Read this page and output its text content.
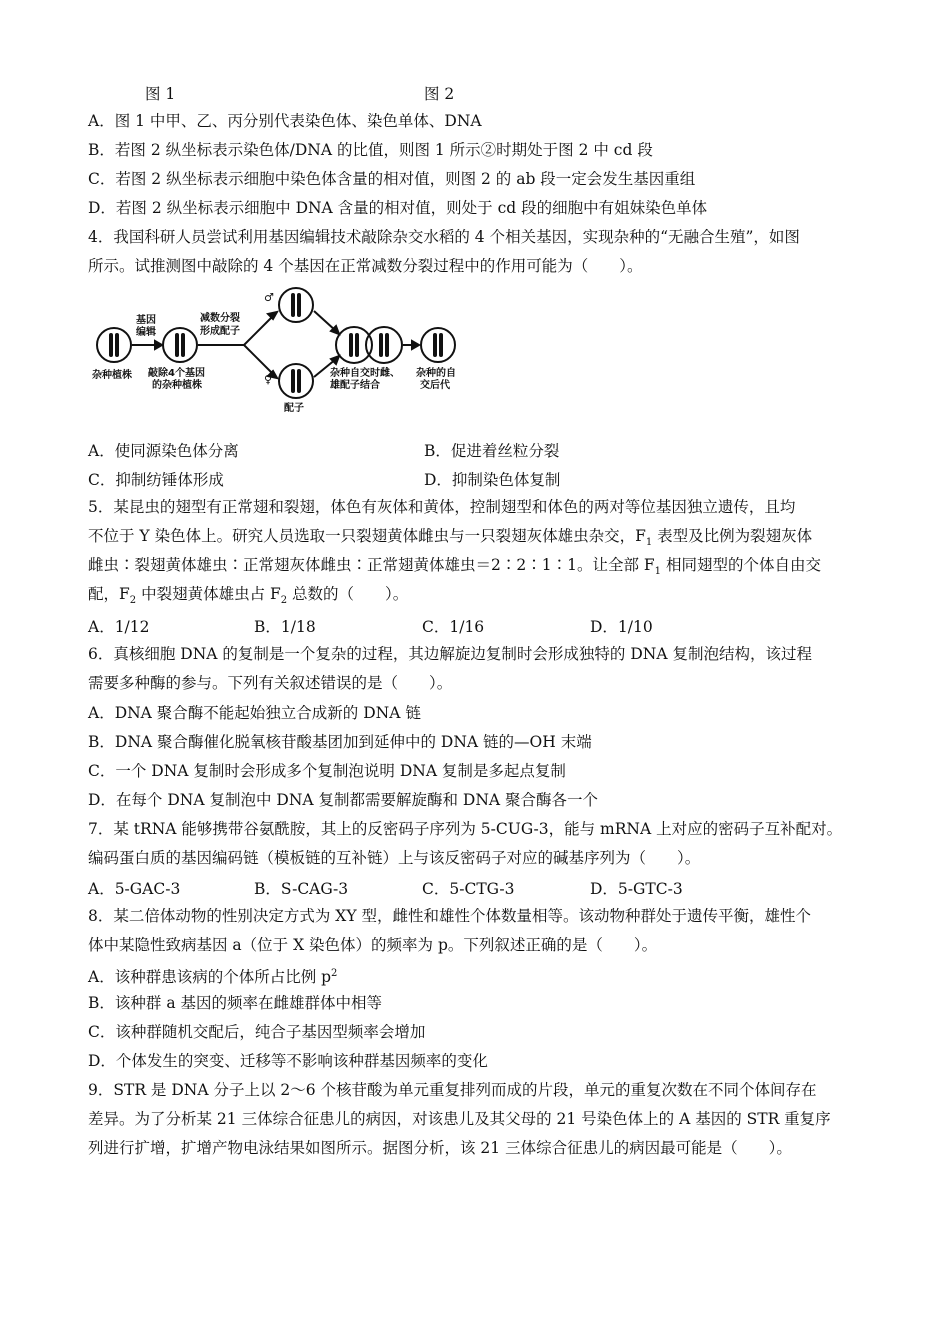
图 1	图 2
A．图 1 中甲、乙、丙分别代表染色体、染色单体、DNA
B．若图 2 纵坐标表示染色体/DNA 的比值，则图 1 所示②时期处于图 2 中 cd 段
C．若图 2 纵坐标表示细胞中染色体含量的相对值，则图 2 的 ab 段一定会发生基因重组
D．若图 2 纵坐标表示细胞中 DNA 含量的相对值，则处于 cd 段的细胞中有姐妹染色单体
4．我国科研人员尝试利用基因编辑技术敲除杂交水稻的 4 个相关基因，实现杂种的“无融合生殖”，如图
所示。试推测图中敲除的 4 个基因在正常减数分裂过程中的作用可能为（　　）。
杂种植株
基因
编辑
敲除4个基因
的杂种植株
减数分裂
形成配子
♂
♀
配子
杂种自交时雌、
雄配子结合
杂种的自
交后代
A．使同源染色体分离	B．促进着丝粒分裂
C．抑制纺锤体形成	D．抑制染色体复制
5．某昆虫的翅型有正常翅和裂翅，体色有灰体和黄体，控制翅型和体色的两对等位基因独立遗传，且均
不位于 Y 染色体上。研究人员选取一只裂翅黄体雌虫与一只裂翅灰体雄虫杂交，$F_1$ 表型及比例为裂翅灰体
雌虫∶裂翅黄体雄虫∶正常翅灰体雌虫∶正常翅黄体雄虫＝2∶2∶1∶1。让全部 $F_1$ 相同翅型的个体自由交
配，$F_2$ 中裂翅黄体雄虫占 $F_2$ 总数的（　　）。
A．1/12	B．1/18	C．1/16	D．1/10
6．真核细胞 DNA 的复制是一个复杂的过程，其边解旋边复制时会形成独特的 DNA 复制泡结构，该过程
需要多种酶的参与。下列有关叙述错误的是（　　）。
A．DNA 聚合酶不能起始独立合成新的 DNA 链
B．DNA 聚合酶催化脱氧核苷酸基团加到延伸中的 DNA 链的—OH 末端
C．一个 DNA 复制时会形成多个复制泡说明 DNA 复制是多起点复制
D．在每个 DNA 复制泡中 DNA 复制都需要解旋酶和 DNA 聚合酶各一个
7．某 tRNA 能够携带谷氨酰胺，其上的反密码子序列为 5-CUG-3，能与 mRNA 上对应的密码子互补配对。
编码蛋白质的基因编码链（模板链的互补链）上与该反密码子对应的碱基序列为（　　）。
A．5-GAC-3	B．S-CAG-3	C．5-CTG-3	D．5-GTC-3
8．某二倍体动物的性别决定方式为 XY 型，雌性和雄性个体数量相等。该动物种群处于遗传平衡，雄性个
体中某隐性致病基因 a（位于 X 染色体）的频率为 p。下列叙述正确的是（　　）。
A．该种群患该病的个体所占比例 $p^2$
B．该种群 a 基因的频率在雌雄群体中相等
C．该种群随机交配后，纯合子基因型频率会增加
D．个体发生的突变、迁移等不影响该种群基因频率的变化
9．STR 是 DNA 分子上以 2～6 个核苷酸为单元重复排列而成的片段，单元的重复次数在不同个体间存在
差异。为了分析某 21 三体综合征患儿的病因，对该患儿及其父母的 21 号染色体上的 A 基因的 STR 重复序
列进行扩增，扩增产物电泳结果如图所示。据图分析，该 21 三体综合征患儿的病因最可能是（　　）。
